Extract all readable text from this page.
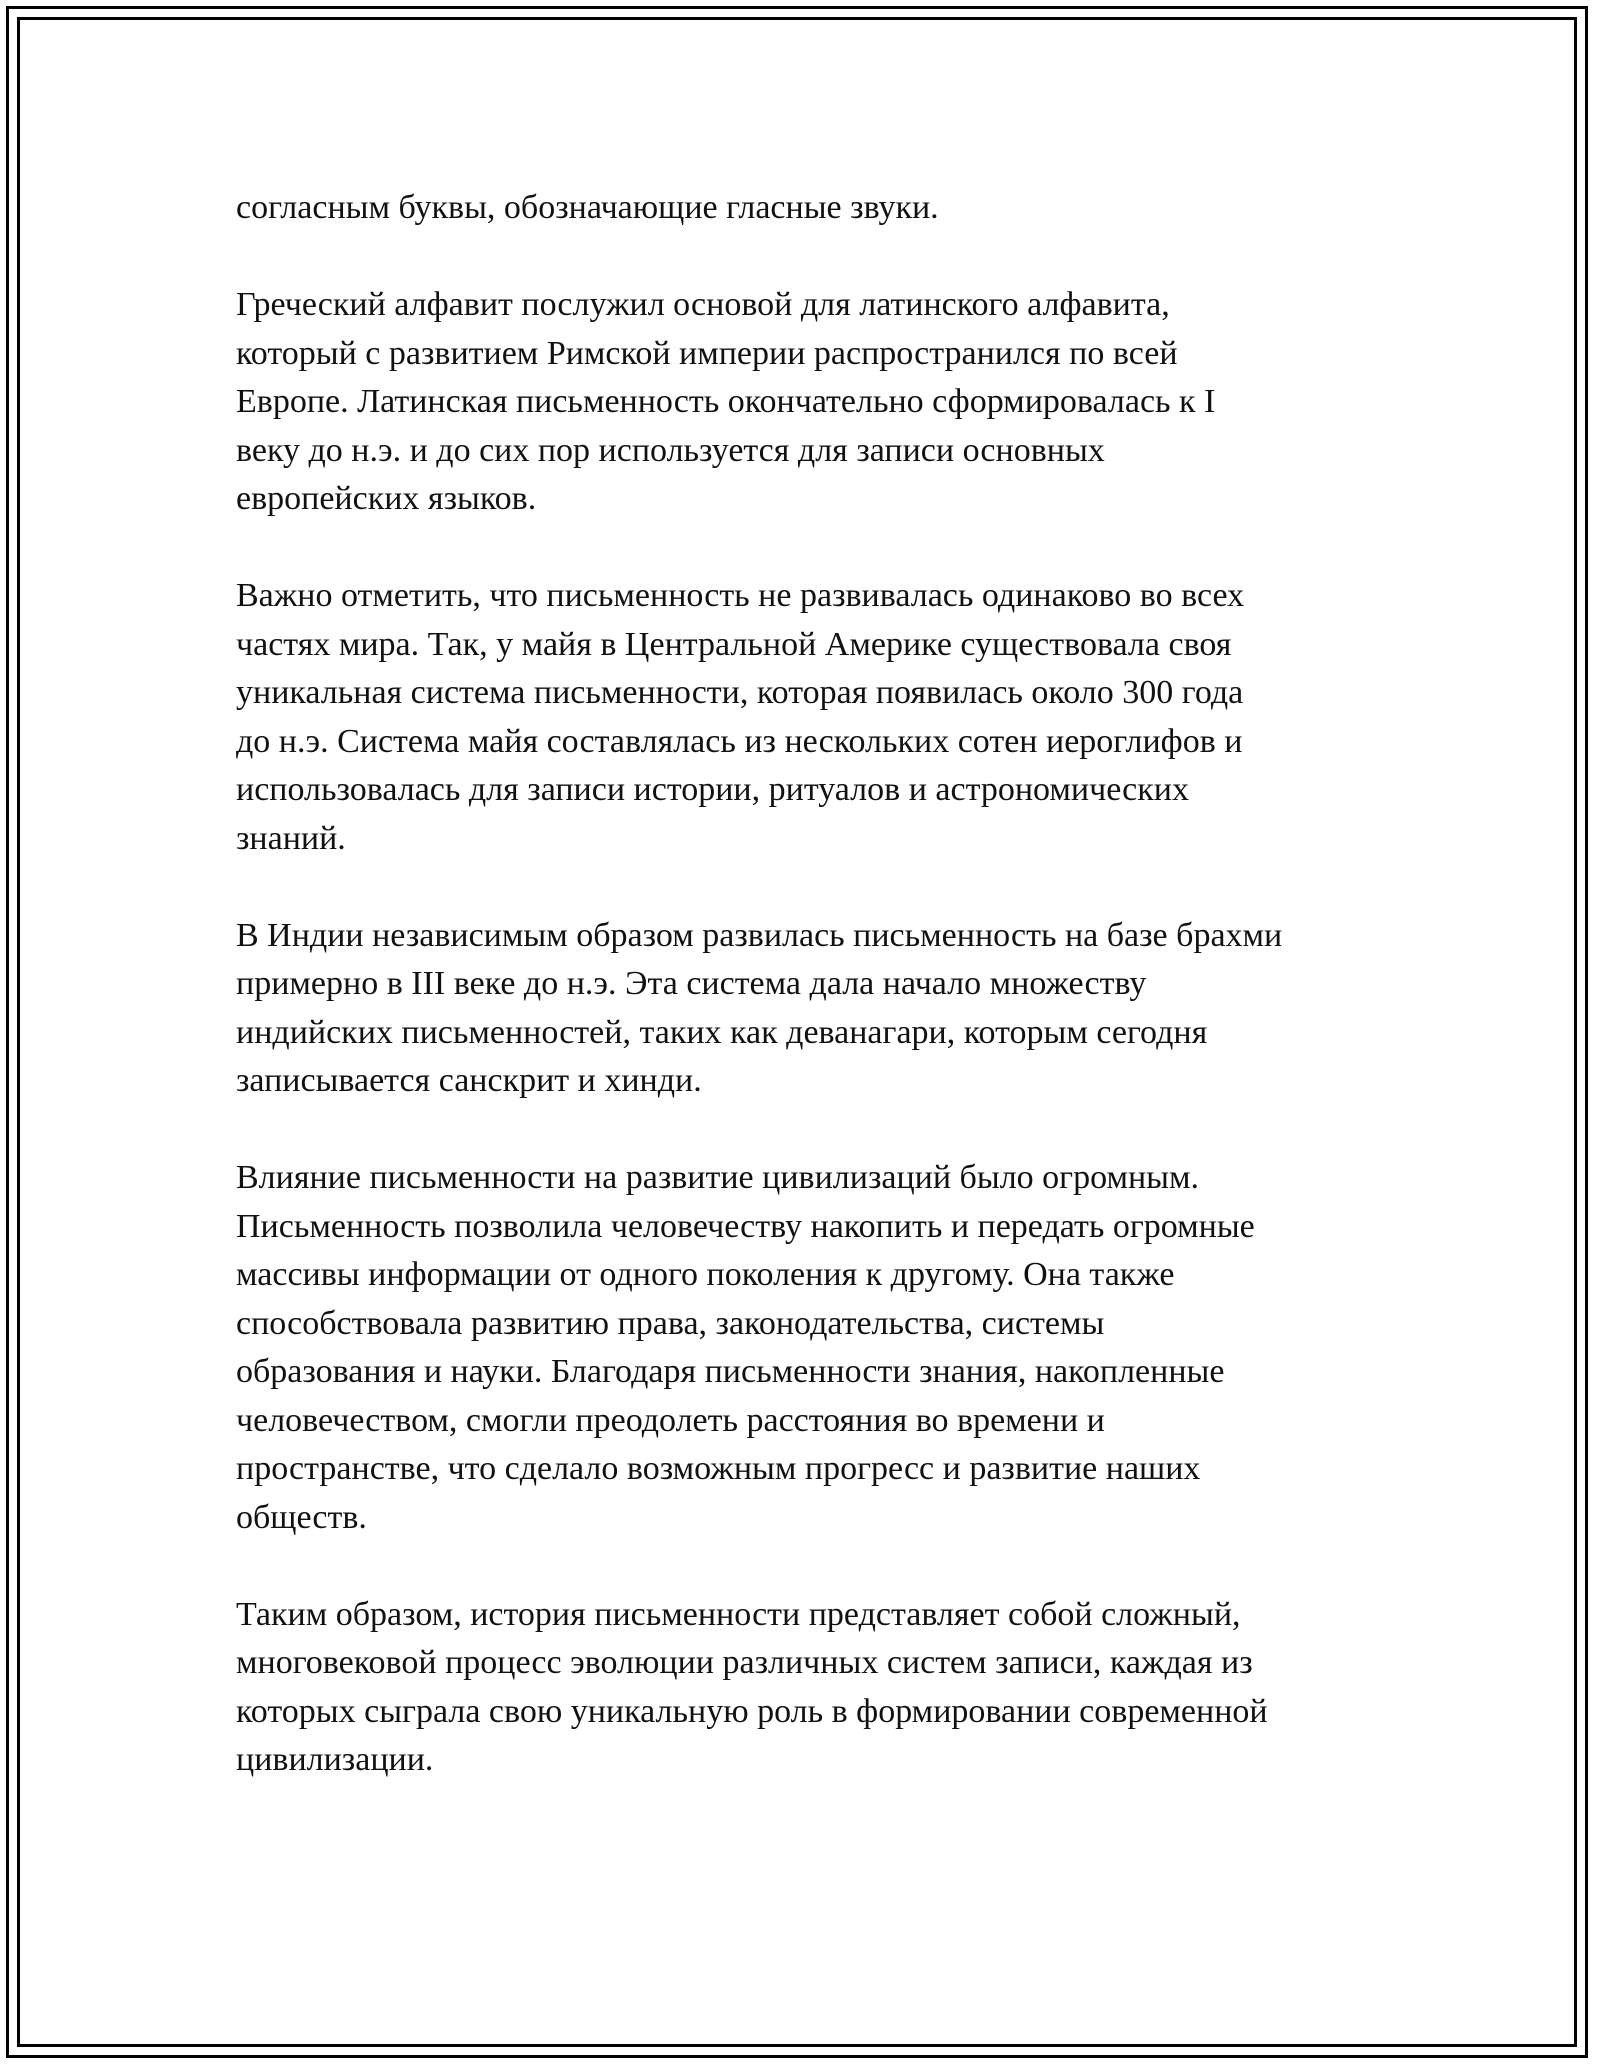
согласным буквы, обозначающие гласные звуки.

Греческий алфавит послужил основой для латинского алфавита,
который с развитием Римской империи распространился по всей
Европе. Латинская письменность окончательно сформировалась к I
веку до н.э. и до сих пор используется для записи основных
европейских языков.

Важно отметить, что письменность не развивалась одинаково во всех
частях мира. Так, у майя в Центральной Америке существовала своя
уникальная система письменности, которая появилась около 300 года
до н.э. Система майя составлялась из нескольких сотен иероглифов и
использовалась для записи истории, ритуалов и астрономических
знаний.

В Индии независимым образом развилась письменность на базе брахми
примерно в III веке до н.э. Эта система дала начало множеству
индийских письменностей, таких как деванагари, которым сегодня
записывается санскрит и хинди.

Влияние письменности на развитие цивилизаций было огромным.
Письменность позволила человечеству накопить и передать огромные
массивы информации от одного поколения к другому. Она также
способствовала развитию права, законодательства, системы
образования и науки. Благодаря письменности знания, накопленные
человечеством, смогли преодолеть расстояния во времени и
пространстве, что сделало возможным прогресс и развитие наших
обществ.

Таким образом, история письменности представляет собой сложный,
многовековой процесс эволюции различных систем записи, каждая из
которых сыграла свою уникальную роль в формировании современной
цивилизации.
